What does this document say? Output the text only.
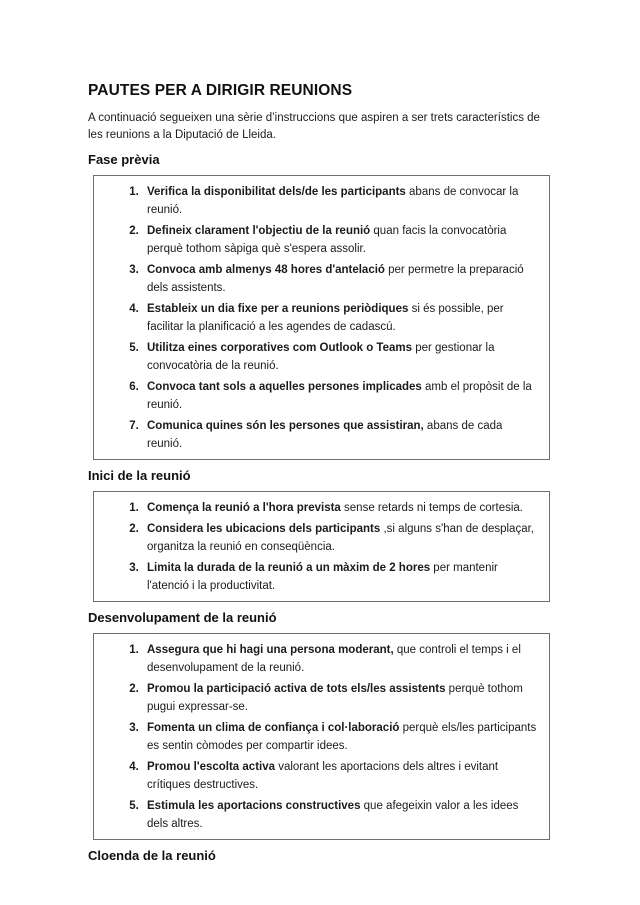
PAUTES PER A DIRIGIR REUNIONS

A continuació segueixen una sèrie d’instruccions que aspiren a ser trets característics de les reunions a la Diputació de Lleida.

Fase prèvia
1. Verifica la disponibilitat dels/de les participants abans de convocar la reunió.
2. Defineix clarament l'objectiu de la reunió quan facis la convocatòria perquè tothom sàpiga què s'espera assolir.
3. Convoca amb almenys 48 hores d'antelació per permetre la preparació dels assistents.
4. Estableix un dia fixe per a reunions periòdiques si és possible, per facilitar la planificació a les agendes de cadascú.
5. Utilitza eines corporatives com Outlook o Teams per gestionar la convocatòria de la reunió.
6. Convoca tant sols a aquelles persones implicades amb el propòsit de la reunió.
7. Comunica quines són les persones que assistiran, abans de cada reunió.
Inici de la reunió
1. Comença la reunió a l'hora prevista sense retards ni temps de cortesia.
2. Considera les ubicacions dels participants ,si alguns s'han de desplaçar, organitza la reunió en conseqüència.
3. Limita la durada de la reunió a un màxim de 2 hores per mantenir l'atenció i la productivitat.
Desenvolupament de la reunió
1. Assegura que hi hagi una persona moderant, que controli el temps i el desenvolupament de la reunió.
2. Promou la participació activa de tots els/les assistents perquè tothom pugui expressar-se.
3. Fomenta un clima de confiança i col·laboració perquè els/les participants es sentin còmodes per compartir idees.
4. Promou l'escolta activa valorant les aportacions dels altres i evitant crítiques destructives.
5. Estimula les aportacions constructives que afegeixin valor a les idees dels altres.
Cloenda de la reunió
